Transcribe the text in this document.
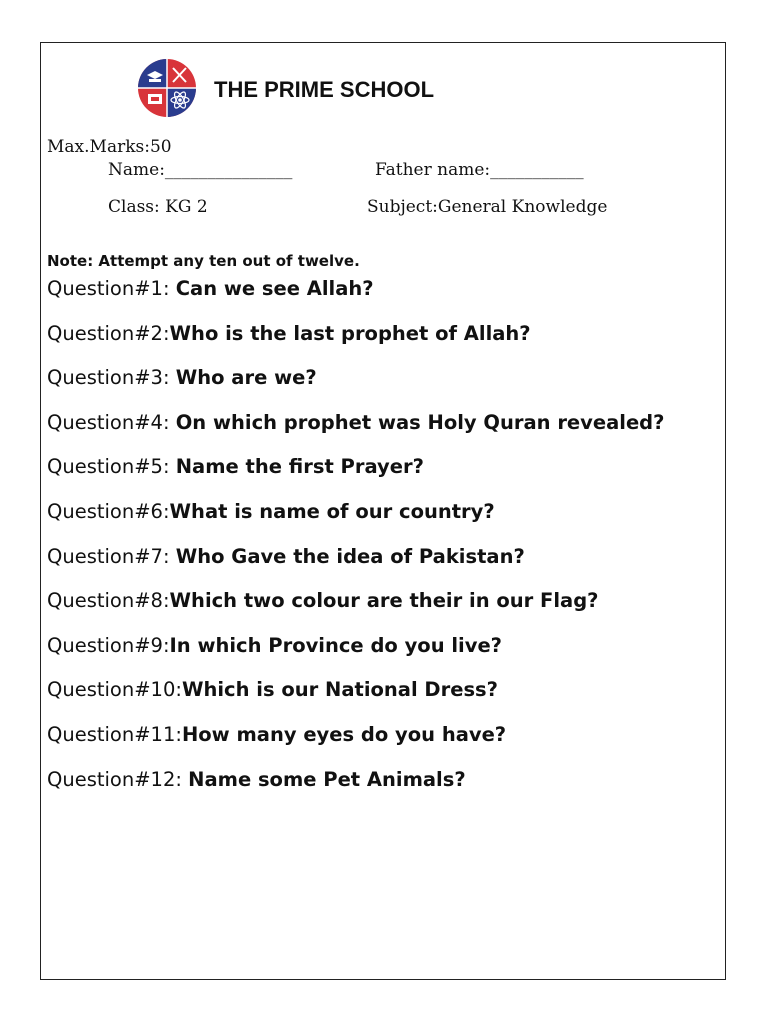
THE PRIME SCHOOL
Max.Marks:50
Name:_______________	Father name:___________
Class: KG 2	Subject:General Knowledge
Note: Attempt any ten out of twelve.
Question#1: Can we see Allah?
Question#2:Who is the last prophet of Allah?
Question#3: Who are we?
Question#4: On which prophet was Holy Quran revealed?
Question#5: Name the first Prayer?
Question#6:What is name of our country?
Question#7: Who Gave the idea of Pakistan?
Question#8:Which two colour are their in our Flag?
Question#9:In which Province do you live?
Question#10:Which is our National Dress?
Question#11:How many eyes do you have?
Question#12: Name some Pet Animals?
